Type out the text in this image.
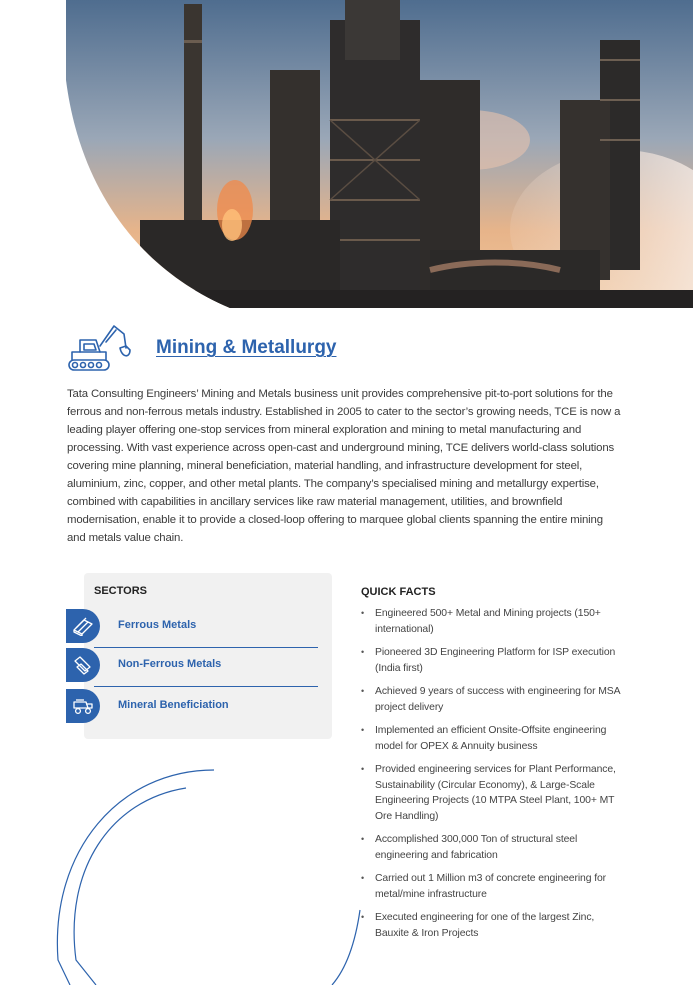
Mining & Metallurgy

Tata Consulting Engineers’ Mining and Metals business unit provides comprehensive pit-to-port solutions for the ferrous and non-ferrous metals industry. Established in 2005 to cater to the sector’s growing needs, TCE is now a leading player offering one-stop services from mineral exploration and mining to metal manufacturing and processing. With vast experience across open-cast and underground mining, TCE delivers world-class solutions covering mine planning, mineral beneficiation, material handling, and infrastructure development for steel, aluminium, zinc, copper, and other metal plants. The company’s specialised mining and metallurgy expertise, combined with capabilities in ancillary services like raw material management, utilities, and brownfield modernisation, enable it to provide a closed-loop offering to marquee global clients spanning the entire mining and metals value chain.

SECTORS
Ferrous Metals
Non-Ferrous Metals
Mineral Beneficiation
QUICK FACTS
• Engineered 500+ Metal and Mining projects (150+ international)
• Pioneered 3D Engineering Platform for ISP execution (India first)
• Achieved 9 years of success with engineering for MSA project delivery
• Implemented an efficient Onsite-Offsite engineering model for OPEX & Annuity business
• Provided engineering services for Plant Performance, Sustainability (Circular Economy), & Large-Scale Engineering Projects (10 MTPA Steel Plant, 100+ MT Ore Handling)
• Accomplished 300,000 Ton of structural steel engineering and fabrication
• Carried out 1 Million m3 of concrete engineering for metal/mine infrastructure
• Executed engineering for one of the largest Zinc, Bauxite & Iron Projects
